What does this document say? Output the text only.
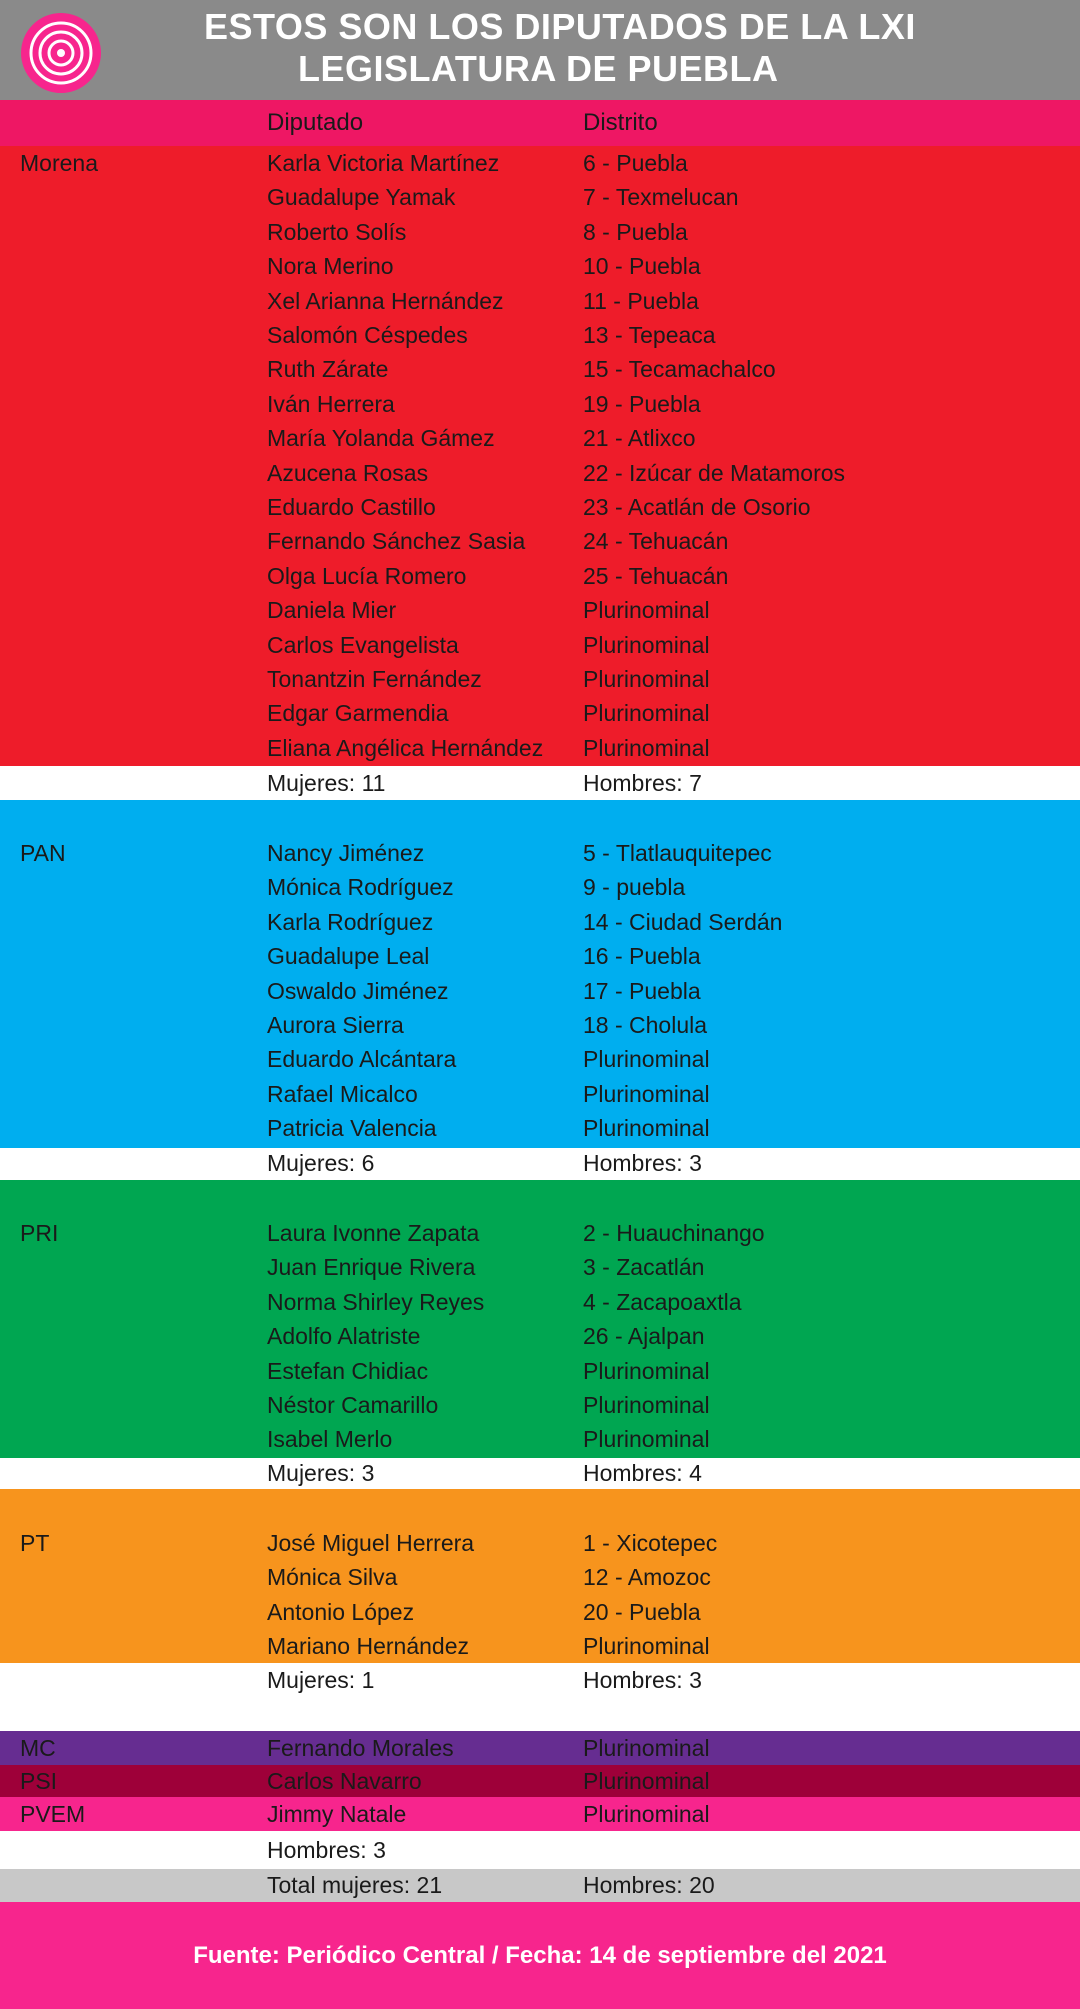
ESTOS SON LOS DIPUTADOS DE LA LXI
LEGISLATURA DE PUEBLA
Diputado	Distrito
Morena	Karla Victoria Martínez	6 - Puebla
Guadalupe Yamak	7 - Texmelucan
Roberto Solís	8 - Puebla
Nora Merino	10 - Puebla
Xel Arianna Hernández	11 - Puebla
Salomón Céspedes	13 - Tepeaca
Ruth Zárate	15 - Tecamachalco
Iván Herrera	19 - Puebla
María Yolanda Gámez	21 - Atlixco
Azucena Rosas	22 - Izúcar de Matamoros
Eduardo Castillo	23 - Acatlán de Osorio
Fernando Sánchez Sasia	24 - Tehuacán
Olga Lucía Romero	25 - Tehuacán
Daniela Mier	Plurinominal
Carlos Evangelista	Plurinominal
Tonantzin Fernández	Plurinominal
Edgar Garmendia	Plurinominal
Eliana Angélica Hernández Plurinominal
Mujeres: 11	Hombres: 7
PAN	Nancy Jiménez	5 - Tlatlauquitepec
Mónica Rodríguez	9 - puebla
Karla Rodríguez	14 - Ciudad Serdán
Guadalupe Leal	16 - Puebla
Oswaldo Jiménez	17 - Puebla
Aurora Sierra	18 - Cholula
Eduardo Alcántara	Plurinominal
Rafael Micalco	Plurinominal
Patricia Valencia	Plurinominal
Mujeres: 6	Hombres: 3
PRI	Laura Ivonne Zapata	2 - Huauchinango
Juan Enrique Rivera	3 - Zacatlán
Norma Shirley Reyes	4 - Zacapoaxtla
Adolfo Alatriste	26 - Ajalpan
Estefan Chidiac	Plurinominal
Néstor Camarillo	Plurinominal
Isabel Merlo	Plurinominal
Mujeres: 3	Hombres: 4
PT	José Miguel Herrera	1 - Xicotepec
Mónica Silva	12 - Amozoc
Antonio López	20 - Puebla
Mariano Hernández	Plurinominal
Mujeres: 1	Hombres: 3
MC	Fernando Morales	Plurinominal
PSI	Carlos Navarro	Plurinominal
PVEM	Jimmy Natale	Plurinominal
Hombres: 3
Total mujeres: 21	Hombres: 20
Fuente: Periódico Central / Fecha: 14 de septiembre del 2021
